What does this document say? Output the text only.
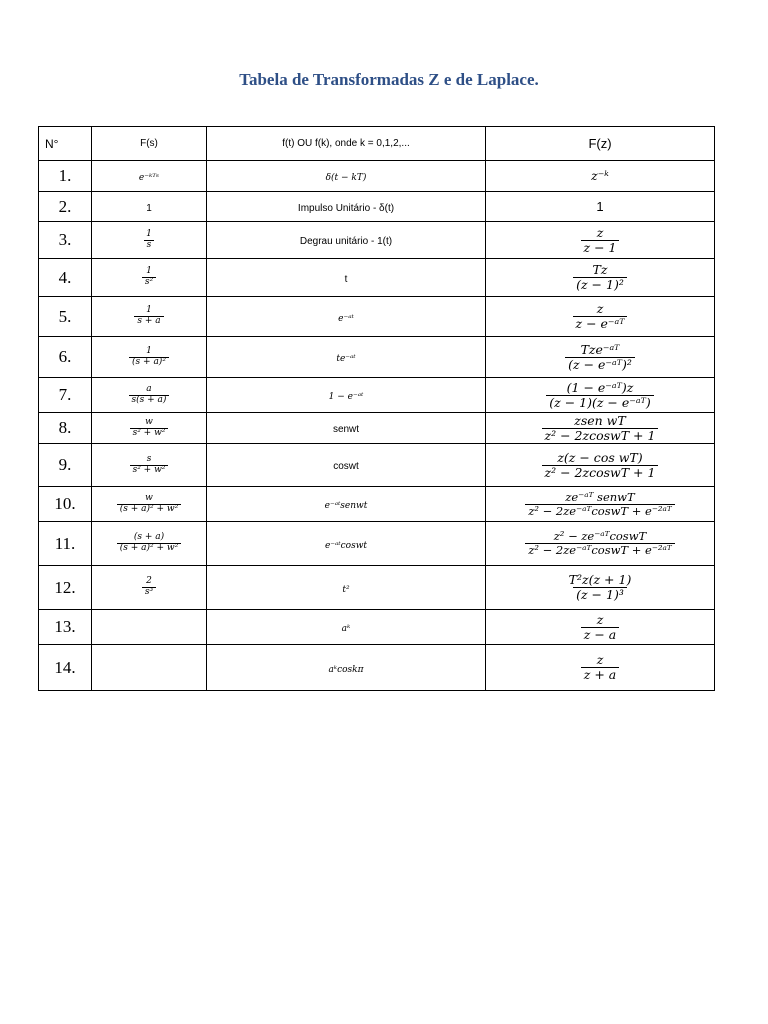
Tabela de Transformadas Z e de Laplace.
N°	F(s)	f(t) OU f(k), onde k = 0,1,2,...	F(z)
1.	e⁻ᵏᵀˢ	δ(t − kT)	z⁻ᵏ
2.	1	Impulso Unitário - δ(t)	1
3.	$\frac{1}{s}$	Degrau unitário - 1(t)	$\frac{z}{z - 1}$

4.	$\frac{1}{\text{s²}}$	t	$\frac{Tz}{\text{(z − 1)²}}$

5.	$\frac{1}{s + a}$	e⁻ᵃᵗ	$\frac{z}{\text{z − e⁻ᵃᵀ}}$

6.	$\frac{1}{\text{(s + a)²}}$	te⁻ᵃᵗ	$\frac{\text{Tze⁻ᵃᵀ}}{\text{(z − e⁻ᵃᵀ)²}}$

7.	$\frac{a}{s(s + a)}$	1 − e⁻ᵃᵗ	$\frac{\text{(1 − e⁻ᵃᵀ)z}}{\text{(z − 1)(z − e⁻ᵃᵀ)}}$

8.	$\frac{w}{\text{s² + w²}}$	senwt	$\frac{\text{zsen wT}}{\text{z² − 2zcoswT + 1}}$

9.	$\frac{s}{\text{s² + w²}}$	coswt	$\frac{\text{z(z − cos wT)}}{\text{z² − 2zcoswT + 1}}$

10.	$\frac{w}{\text{(s + a)² + w²}}$	e⁻ᵃᵗsenwt	$\frac{\text{ze⁻ᵃᵀ senwT}}{\text{z² − 2ze⁻ᵃᵀcoswT + e⁻²ᵃᵀ}}$

11.	$\frac{(s + a)}{\text{(s + a)² + w²}}$	e⁻ᵃᵗcoswt	$\frac{\text{z² − ze⁻ᵃᵀcoswT}}{\text{z² − 2ze⁻ᵃᵀcoswT + e⁻²ᵃᵀ}}$

12.	$\frac{2}{\text{s³}}$	t²	$\frac{\text{T²z(z + 1)}}{\text{(z − 1)³}}$

13.		aᵏ	$\frac{z}{z - a}$

14.		aᵏcoskπ	$\frac{z}{z + a}$
